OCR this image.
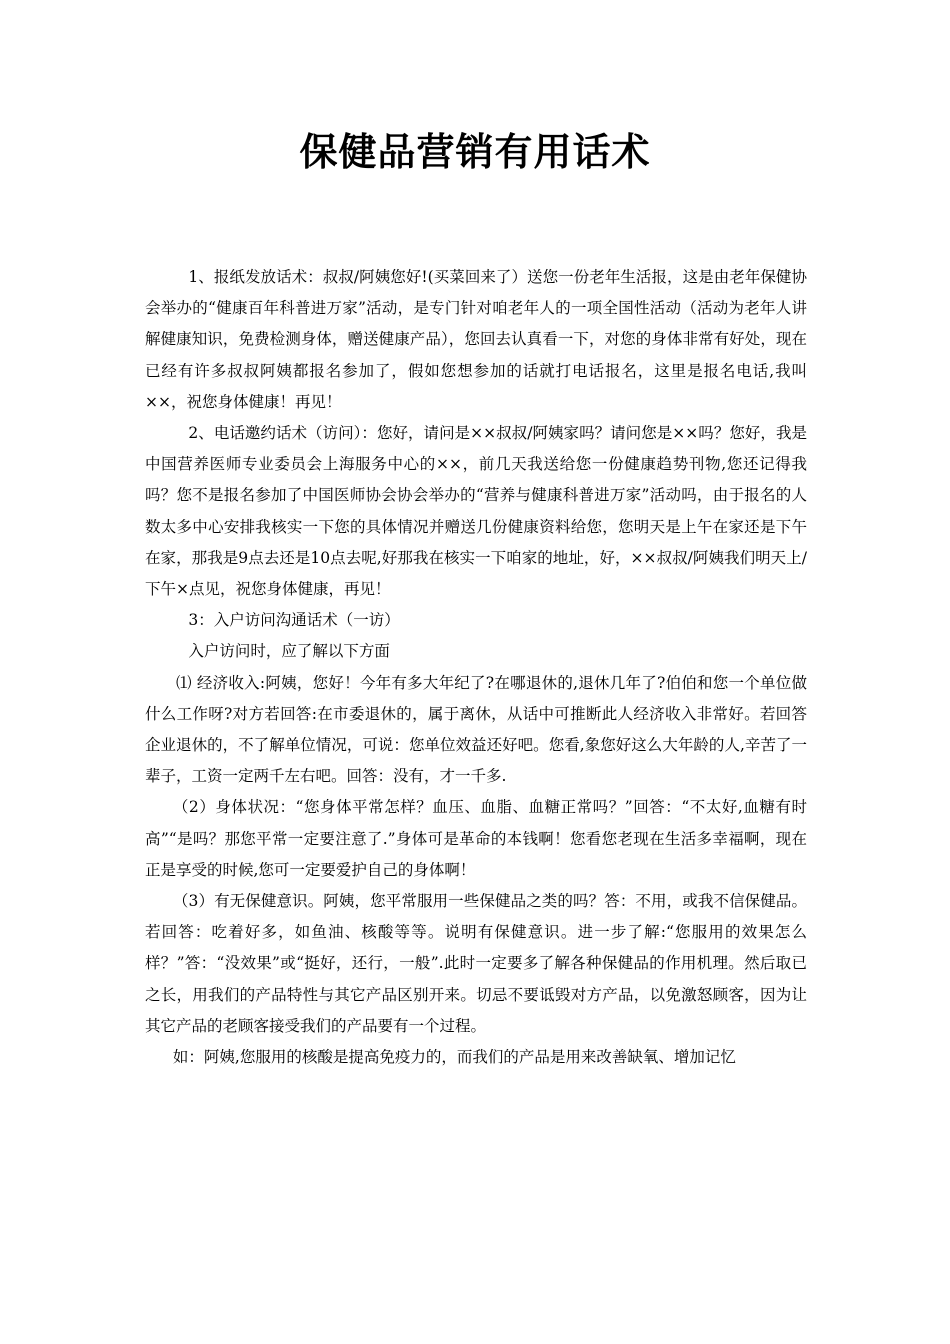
保健品营销有用话术

1、报纸发放话术：叔叔/阿姨您好!(买菜回来了）送您一份老年生活报，这是由老年保健协会举办的“健康百年科普进万家”活动，是专门针对咱老年人的一项全国性活动（活动为老年人讲解健康知识，免费检测身体，赠送健康产品），您回去认真看一下，对您的身体非常有好处，现在已经有许多叔叔阿姨都报名参加了，假如您想参加的话就打电话报名，这里是报名电话,我叫××，祝您身体健康！再见！

2、电话邀约话术（访问）：您好，请问是××叔叔/阿姨家吗？请问您是××吗？您好，我是中国营养医师专业委员会上海服务中心的××，前几天我送给您一份健康趋势刊物,您还记得我吗？您不是报名参加了中国医师协会协会举办的“营养与健康科普进万家”活动吗，由于报名的人数太多中心安排我核实一下您的具体情况并赠送几份健康资料给您，您明天是上午在家还是下午在家，那我是9点去还是10点去呢,好那我在核实一下咱家的地址，好，××叔叔/阿姨我们明天上/下午×点见，祝您身体健康，再见！

3：入户访问沟通话术（一访）

入户访问时，应了解以下方面

⑴ 经济收入:阿姨，您好！今年有多大年纪了?在哪退休的,退休几年了?伯伯和您一个单位做什么工作呀?对方若回答:在市委退休的，属于离休，从话中可推断此人经济收入非常好。若回答企业退休的，不了解单位情况，可说：您单位效益还好吧。您看,象您好这么大年龄的人,辛苦了一辈子，工资一定两千左右吧。回答：没有，才一千多.

（2）身体状况：“您身体平常怎样？血压、血脂、血糖正常吗？”回答：“不太好,血糖有时高”“是吗？那您平常一定要注意了.”身体可是革命的本钱啊！您看您老现在生活多幸福啊，现在正是享受的时候,您可一定要爱护自己的身体啊！

（3）有无保健意识。阿姨，您平常服用一些保健品之类的吗？答：不用，或我不信保健品。若回答：吃着好多，如鱼油、核酸等等。说明有保健意识。进一步了解:“您服用的效果怎么样？”答：“没效果”或“挺好，还行，一般”.此时一定要多了解各种保健品的作用机理。然后取已之长，用我们的产品特性与其它产品区别开来。切忌不要诋毁对方产品，以免激怒顾客，因为让其它产品的老顾客接受我们的产品要有一个过程。

如：阿姨,您服用的核酸是提高免疫力的，而我们的产品是用来改善缺氧、增加记忆
